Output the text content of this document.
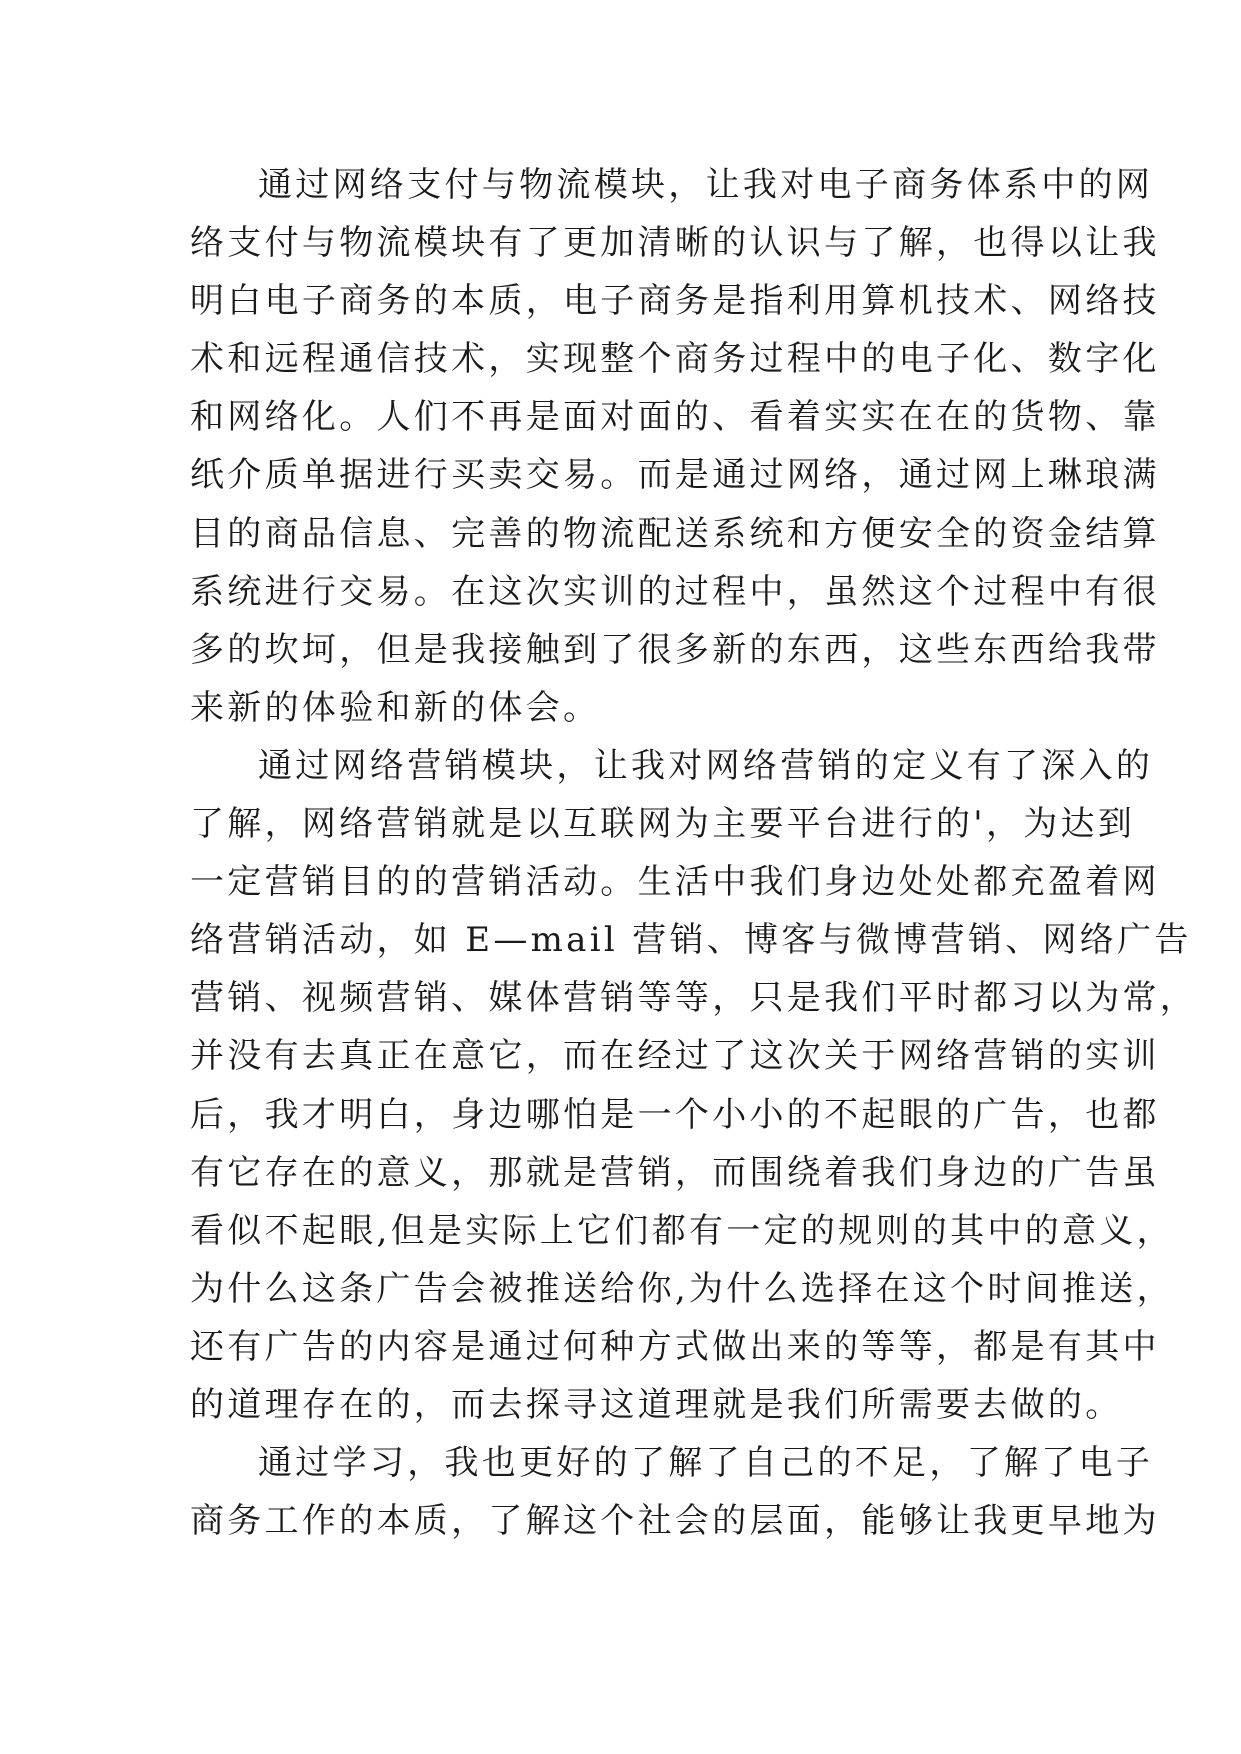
通过网络支付与物流模块，让我对电子商务体系中的网
络支付与物流模块有了更加清晰的认识与了解，也得以让我
明白电子商务的本质，电子商务是指利用算机技术、网络技
术和远程通信技术，实现整个商务过程中的电子化、数字化
和网络化。人们不再是面对面的、看着实实在在的货物、靠
纸介质单据进行买卖交易。而是通过网络，通过网上琳琅满
目的商品信息、完善的物流配送系统和方便安全的资金结算
系统进行交易。在这次实训的过程中，虽然这个过程中有很
多的坎坷，但是我接触到了很多新的东西，这些东西给我带
来新的体验和新的体会。
通过网络营销模块，让我对网络营销的定义有了深入的
了解，网络营销就是以互联网为主要平台进行的'，为达到
一定营销目的的营销活动。生活中我们身边处处都充盈着网
络营销活动，如 E—mail 营销、博客与微博营销、网络广告
营销、视频营销、媒体营销等等，只是我们平时都习以为常，
并没有去真正在意它，而在经过了这次关于网络营销的实训
后，我才明白，身边哪怕是一个小小的不起眼的广告，也都
有它存在的意义，那就是营销，而围绕着我们身边的广告虽
看似不起眼,但是实际上它们都有一定的规则的其中的意义，
为什么这条广告会被推送给你,为什么选择在这个时间推送，
还有广告的内容是通过何种方式做出来的等等，都是有其中
的道理存在的，而去探寻这道理就是我们所需要去做的。
通过学习，我也更好的了解了自己的不足，了解了电子
商务工作的本质，了解这个社会的层面，能够让我更早地为
